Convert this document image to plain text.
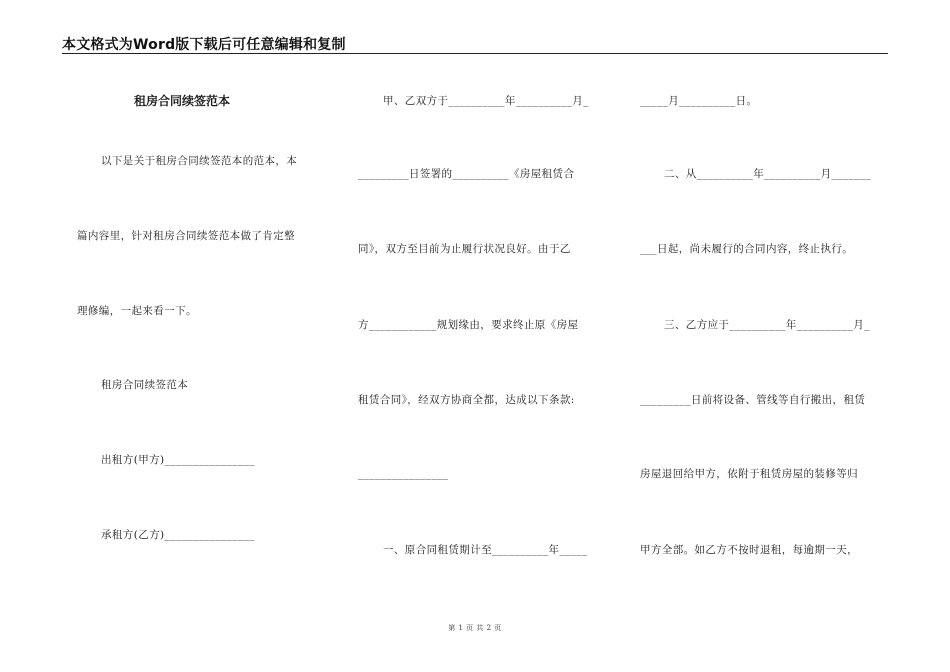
本文格式为Word版下载后可任意编辑和复制
租房合同续签范本
以下是关于租房合同续签范本的范本，本
篇内容里，针对租房合同续签范本做了肯定整
理修编，一起来看一下。
租房合同续签范本
出租方(甲方)________________
承租方(乙方)________________
甲、乙双方于__________年__________月_
_________日签署的__________《房屋租赁合
同》，双方至目前为止履行状况良好。由于乙
方____________规划缘由，要求终止原《房屋
租赁合同》，经双方协商全都，达成以下条款:
________________
一、原合同租赁期计至__________年_____
_____月__________日。
二、从__________年__________月_______
___日起，尚未履行的合同内容，终止执行。
三、乙方应于__________年__________月_
_________日前将设备、管线等自行搬出，租赁
房屋退回给甲方，依附于租赁房屋的装修等归
甲方全部。如乙方不按时退租，每逾期一天，
第 1 页 共 2 页
